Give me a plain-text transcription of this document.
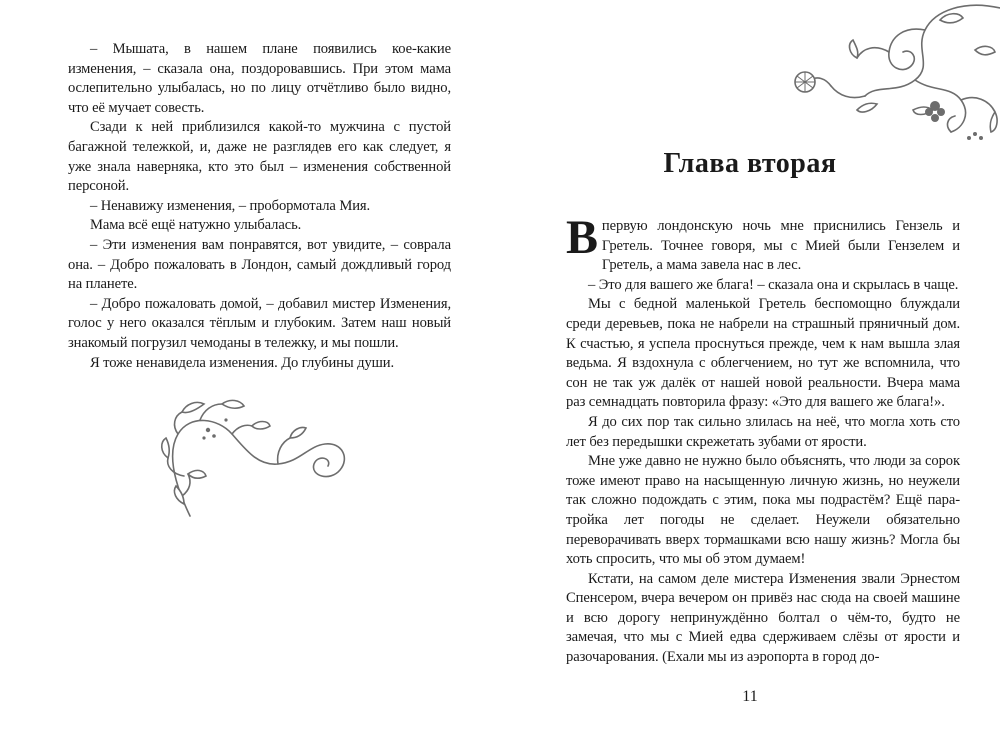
– Мышата, в нашем плане появились кое-какие изменения, – сказала она, поздоровавшись. При этом мама ослепительно улыбалась, но по лицу отчётливо было видно, что её мучает совесть.

Сзади к ней приблизился какой-то мужчина с пустой багажной тележкой, и, даже не разглядев его как следует, я уже знала наверняка, кто это был – изменения собственной персоной.

– Ненавижу изменения, – пробормотала Мия.

Мама всё ещё натужно улыбалась.

– Эти изменения вам понравятся, вот увидите, – соврала она. – Добро пожаловать в Лондон, самый дождливый город на планете.

– Добро пожаловать домой, – добавил мистер Изменения, голос у него оказался тёплым и глубоким. Затем наш новый знакомый погрузил чемоданы в тележку, и мы пошли.

Я тоже ненавидела изменения. До глубины души.

Глава вторая

Впервую лондонскую ночь мне приснились Гензель и Гретель. Точнее говоря, мы с Мией были Гензелем и Гретель, а мама завела нас в лес.

– Это для вашего же блага! – сказала она и скрылась в чаще.

Мы с бедной маленькой Гретель беспомощно блуждали среди деревьев, пока не набрели на страшный пряничный дом. К счастью, я успела проснуться прежде, чем к нам вышла злая ведьма. Я вздохнула с облегчением, но тут же вспомнила, что сон не так уж далёк от нашей новой реальности. Вчера мама раз семнадцать повторила фразу: «Это для вашего же блага!».

Я до сих пор так сильно злилась на неё, что могла хоть сто лет без передышки скрежетать зубами от ярости.

Мне уже давно не нужно было объяснять, что люди за сорок тоже имеют право на насыщенную личную жизнь, но неужели так сложно подождать с этим, пока мы подрастём? Ещё пара-тройка лет погоды не сделает. Неужели обязательно переворачивать вверх тормашками всю нашу жизнь? Могла бы хоть спросить, что мы об этом думаем!

Кстати, на самом деле мистера Изменения звали Эрнестом Спенсером, вчера вечером он привёз нас сюда на своей машине и всю дорогу непринуждённо болтал о чём-то, будто не замечая, что мы с Мией едва сдерживаем слёзы от ярости и разочарования. (Ехали мы из аэропорта в город до-

11
